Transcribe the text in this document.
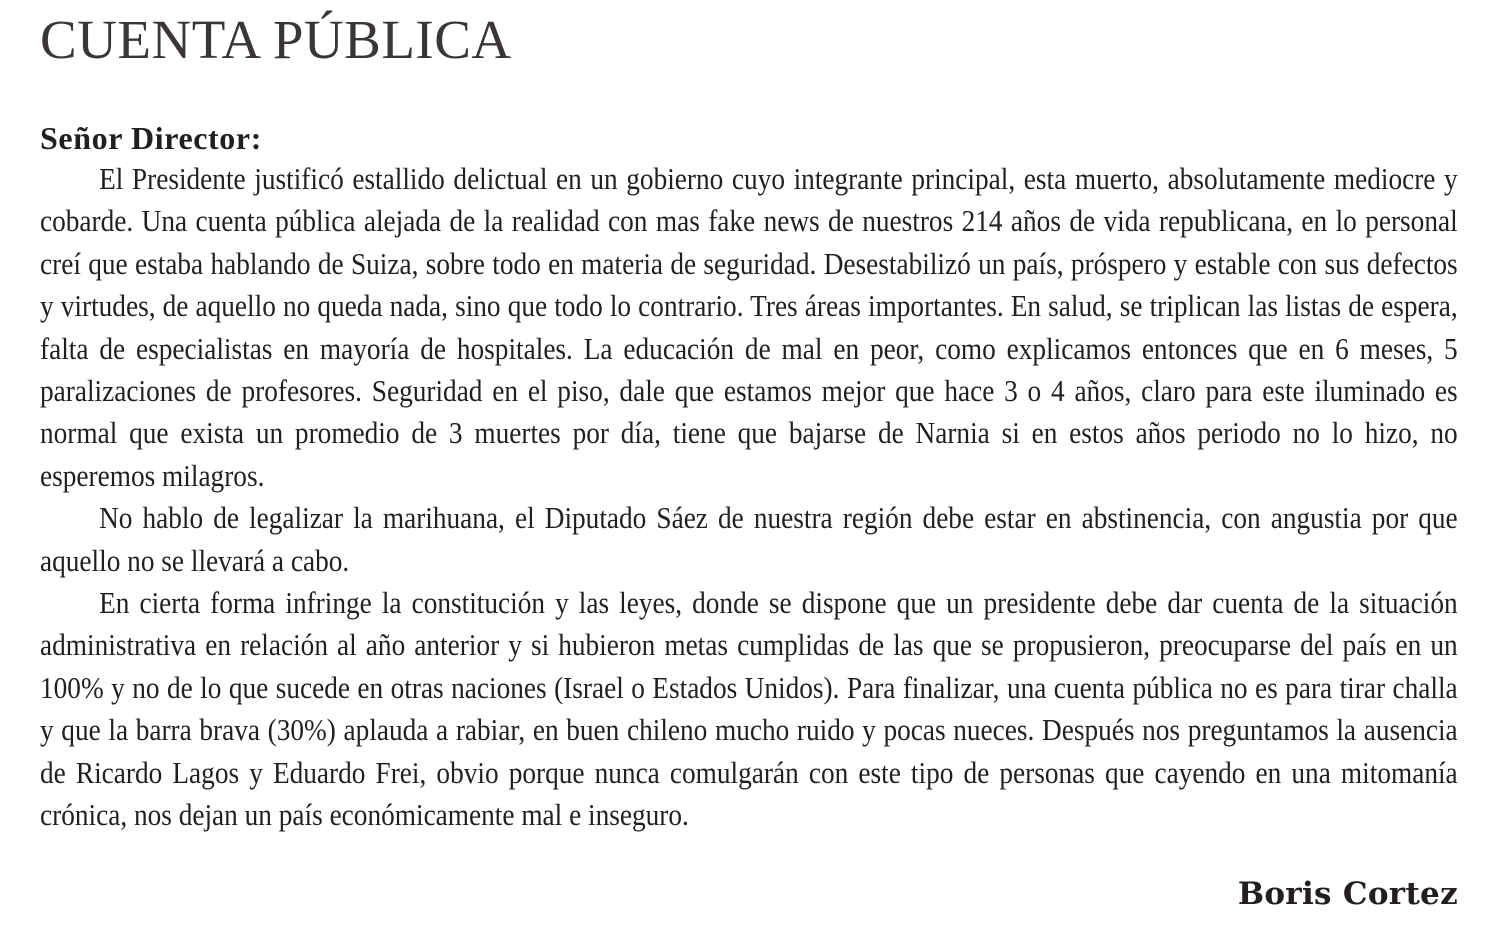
CUENTA PÚBLICA
Señor Director:

El Presidente justificó estallido delictual en un gobierno cuyo integrante principal, esta muerto, absolutamente mediocre y cobarde. Una cuenta pública alejada de la realidad con mas fake news de nuestros 214 años de vida republicana, en lo personal creí que estaba hablando de Suiza, sobre todo en materia de seguridad. Desestabilizó un país, próspero y estable con sus defectos y virtudes, de aquello no queda nada, sino que todo lo contrario. Tres áreas importantes. En salud, se triplican las listas de espera, falta de especialistas en mayoría de hospitales. La educación de mal en peor, como explicamos entonces que en 6 meses, 5 paralizaciones de profesores. Seguridad en el piso, dale que estamos mejor que hace 3 o 4 años, claro para este iluminado es normal que exista un promedio de 3 muertes por día, tiene que bajarse de Narnia si en estos años periodo no lo hizo, no esperemos milagros.

No hablo de legalizar la marihuana, el Diputado Sáez de nuestra región debe estar en abstinencia, con angustia por que aquello no se llevará a cabo.

En cierta forma infringe la constitución y las leyes, donde se dispone que un presidente debe dar cuenta de la situación administrativa en relación al año anterior y si hubieron metas cumplidas de las que se propusieron, preocuparse del país en un 100% y no de lo que sucede en otras naciones (Israel o Estados Unidos). Para finalizar, una cuenta pública no es para tirar challa y que la barra brava (30%) aplauda a rabiar, en buen chileno mucho ruido y pocas nueces. Después nos preguntamos la ausencia de Ricardo Lagos y Eduardo Frei, obvio porque nunca comulgarán con este tipo de personas que cayendo en una mitomanía crónica, nos dejan un país económicamente mal e inseguro.

Boris Cortez
